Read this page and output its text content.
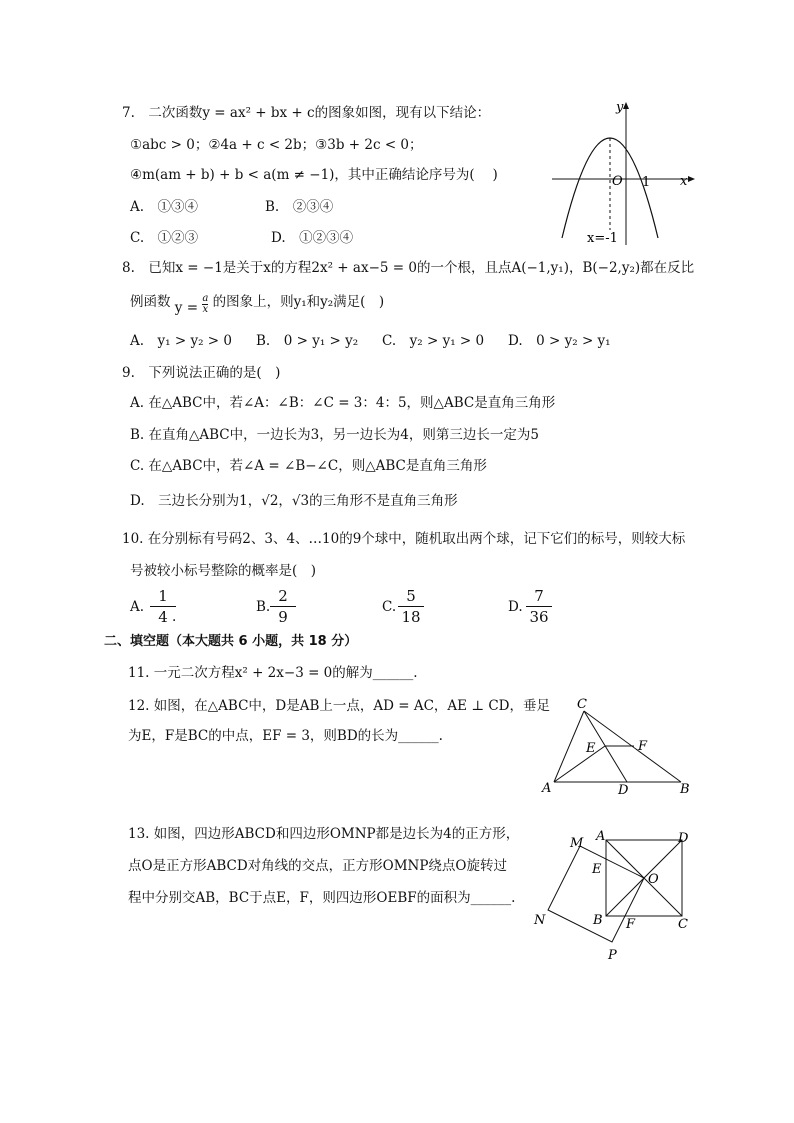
7.　二次函数y = ax² + bx + c的图象如图，现有以下结论：
①abc > 0；②4a + c < 2b；③3b + 2c < 0；
④m(am + b) + b < a(m ≠ −1)，其中正确结论序号为(　 )
A.　①③④	B.　②③④
C.　①②③	D.　①②③④
y
x
O 1
x=-1
8.　已知x = −1是关于x的方程2x² + ax−5 = 0的一个根，且点A(−1,y₁)，B(−2,y₂)都在反比
例函数 $y = \frac{a}{x}$ 的图象上，则y₁和y₂满足(　)
A.　y₁ > y₂ > 0 B.　0 > y₁ > y₂ C.　y₂ > y₁ > 0 D.　0 > y₂ > y₁
9.　下列说法正确的是(　)
A. 在△ABC中，若∠A：∠B：∠C = 3：4：5，则△ABC是直角三角形
B. 在直角△ABC中，一边长为3，另一边长为4，则第三边长一定为5
C. 在△ABC中，若∠A = ∠B−∠C，则△ABC是直角三角形
D.　三边长分别为1，√2，√3的三角形不是直角三角形
10. 在分别标有号码2、3、4、…10的9个球中，随机取出两个球，记下它们的标号，则较大标
号被较小标号整除的概率是(　)
A.
1
4 .
B.
2
9
C.
5
18
D.
7
36
二、填空题（本大题共 6 小题，共 18 分）
11. 一元二次方程x² + 2x−3 = 0的解为______.
12. 如图，在△ABC中，D是AB上一点，AD = AC，AE ⊥ CD，垂足
为E，F是BC的中点，EF = 3，则BD的长为______.
C
E	F
A	D	B
13. 如图，四边形ABCD和四边形OMNP都是边长为4的正方形，
点O是正方形ABCD对角线的交点，正方形OMNP绕点O旋转过
程中分别交AB，BC于点E，F，则四边形OEBF的面积为______.
A	D
M
E
O
B F	C
N
P
